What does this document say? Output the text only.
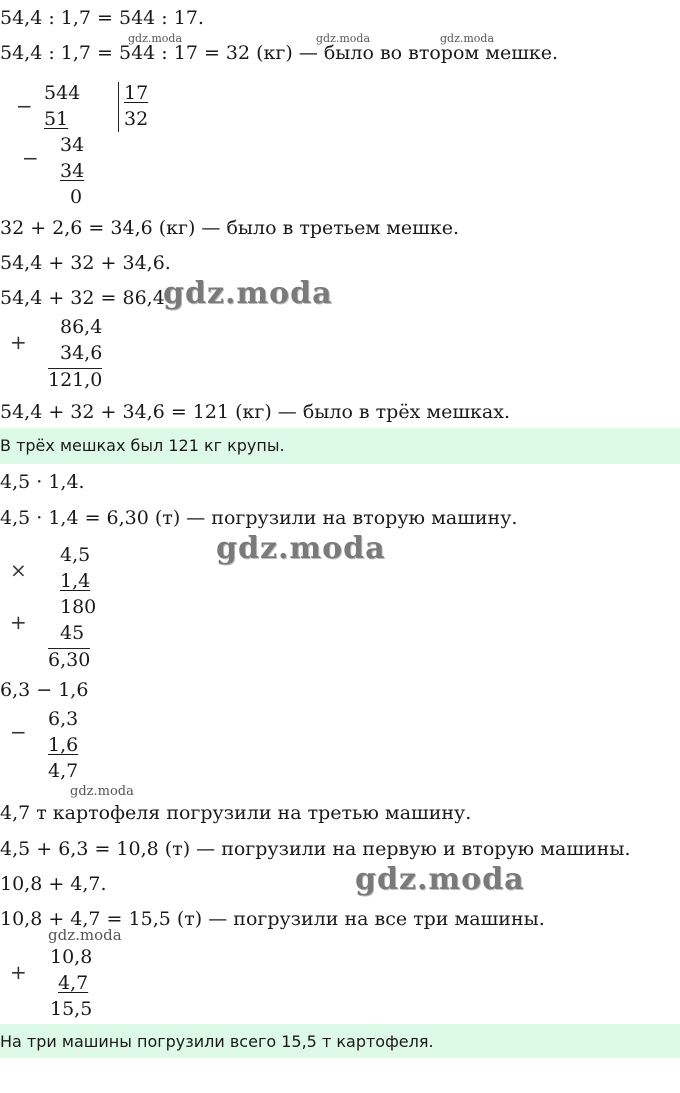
54,4 : 1,7 = 544 : 17.
54,4 : 1,7 = 544 : 17 = 32 (кг) — было во втором мешке.
−
544
51
17
32
−
34
34
0
32 + 2,6 = 34,6 (кг) — было в третьем мешке.
54,4 + 32 + 34,6.
54,4 + 32 = 86,4
+
86,4
34,6
121,0
54,4 + 32 + 34,6 = 121 (кг) — было в трёх мешках.
В трёх мешках был 121 кг крупы.
4,5 · 1,4.
4,5 · 1,4 = 6,30 (т) — погрузили на вторую машину.
×
4,5
1,4
180
+ 45
6,30
6,3 − 1,6
−
6,3
1,6
4,7
4,7 т картофеля погрузили на третью машину.
4,5 + 6,3 = 10,8 (т) — погрузили на первую и вторую машины.
10,8 + 4,7.
10,8 + 4,7 = 15,5 (т) — погрузили на все три машины.
+
10,8
4,7
15,5
На три машины погрузили всего 15,5 т картофеля.
gdz.moda	gdz.moda	gdz.moda
gdz.moda
gdz.moda
gdz.moda
gdz.moda
gdz.moda
